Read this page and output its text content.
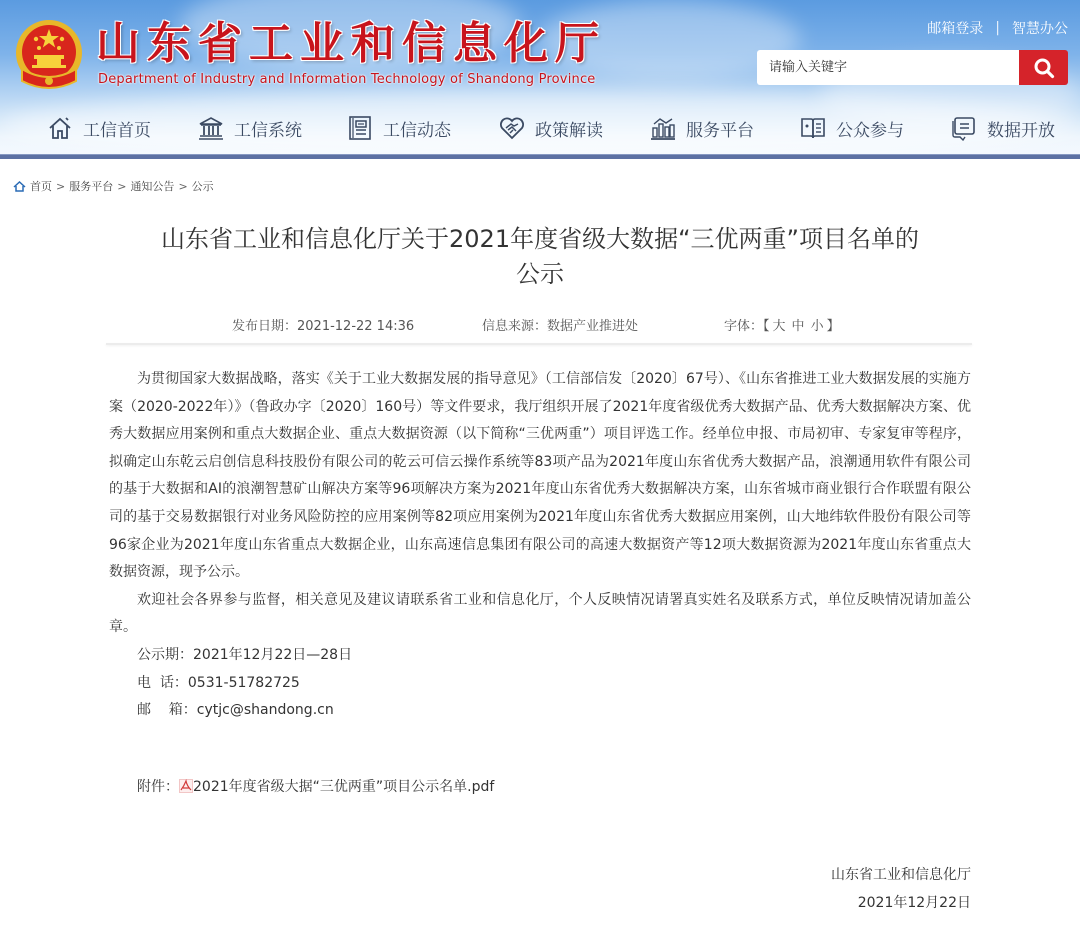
山东省工业和信息化厅
Department of Industry and Information Technology of Shandong Province
邮箱登录 | 智慧办公
请输入关键字
工信首页	工信系统	工信动态	政策解读	服务平台	公众参与	数据开放
首页 > 服务平台 > 通知公告 > 公示
山东省工业和信息化厅关于2021年度省级大数据“三优两重”项目名单的
公示
发布日期：2021-12-22 14:36	信息来源：数据产业推进处	字体：【 大 中 小 】

为贯彻国家大数据战略，落实《关于工业大数据发展的指导意见》（工信部信发〔2020〕67号）、《山东省推进工业大数据发展的实施方案（2020-2022年）》（鲁政办字〔2020〕160号）等文件要求，我厅组织开展了2021年度省级优秀大数据产品、优秀大数据解决方案、优秀大数据应用案例和重点大数据企业、重点大数据资源（以下简称“三优两重”）项目评选工作。经单位申报、市局初审、专家复审等程序，拟确定山东乾云启创信息科技股份有限公司的乾云可信云操作系统等83项产品为2021年度山东省优秀大数据产品，浪潮通用软件有限公司的基于大数据和AI的浪潮智慧矿山解决方案等96项解决方案为2021年度山东省优秀大数据解决方案，山东省城市商业银行合作联盟有限公司的基于交易数据银行对业务风险防控的应用案例等82项应用案例为2021年度山东省优秀大数据应用案例，山大地纬软件股份有限公司等96家企业为2021年度山东省重点大数据企业，山东高速信息集团有限公司的高速大数据资产等12项大数据资源为2021年度山东省重点大数据资源，现予公示。

欢迎社会各界参与监督，相关意见及建议请联系省工业和信息化厅，个人反映情况请署真实姓名及联系方式，单位反映情况请加盖公章。

公示期：2021年12月22日—28日
电  话：0531-51782725
邮    箱：cytjc@shandong.cn
附件： 2021年度省级大据“三优两重”项目公示名单.pdf
山东省工业和信息化厅
2021年12月22日
